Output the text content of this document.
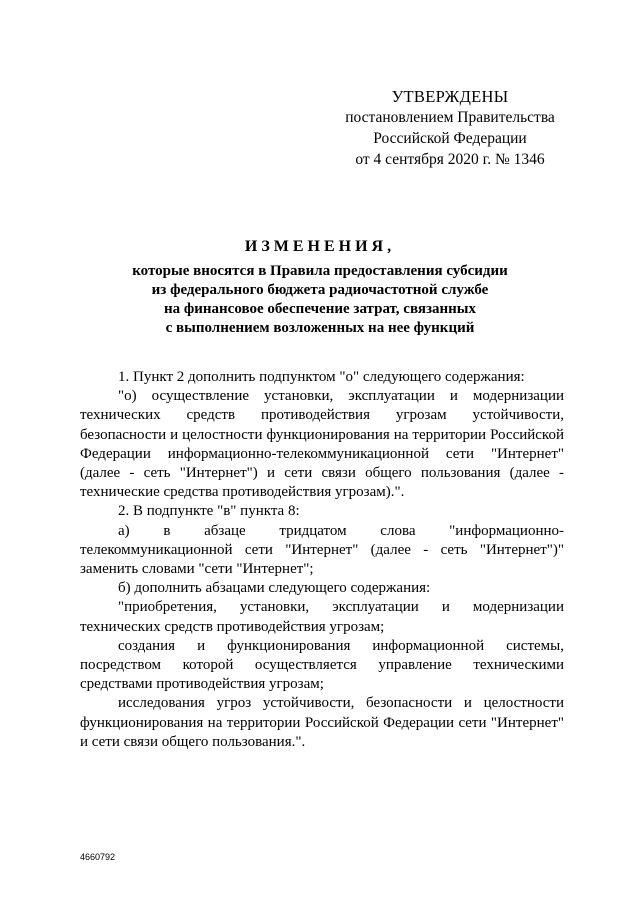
УТВЕРЖДЕНЫ
постановлением Правительства
Российской Федерации
от 4 сентября 2020 г. № 1346
ИЗМЕНЕНИЯ,
которые вносятся в Правила предоставления субсидии
из федерального бюджета радиочастотной службе
на финансовое обеспечение затрат, связанных
с выполнением возложенных на нее функций

1. Пункт 2 дополнить подпунктом "о" следующего содержания:

"о) осуществление установки, эксплуатации и модернизации технических средств противодействия угрозам устойчивости, безопасности и целостности функционирования на территории Российской Федерации информационно-телекоммуникационной сети "Интернет" (далее - сеть "Интернет") и сети связи общего пользования (далее - технические средства противодействия угрозам).".

2. В подпункте "в" пункта 8:

а) в абзаце тридцатом слова "информационно-телекоммуникационной сети "Интернет" (далее - сеть "Интернет")" заменить словами "сети "Интернет";

б) дополнить абзацами следующего содержания:

"приобретения, установки, эксплуатации и модернизации технических средств противодействия угрозам;

создания и функционирования информационной системы, посредством которой осуществляется управление техническими средствами противодействия угрозам;

исследования угроз устойчивости, безопасности и целостности функционирования на территории Российской Федерации сети "Интернет" и сети связи общего пользования.".

4660792
